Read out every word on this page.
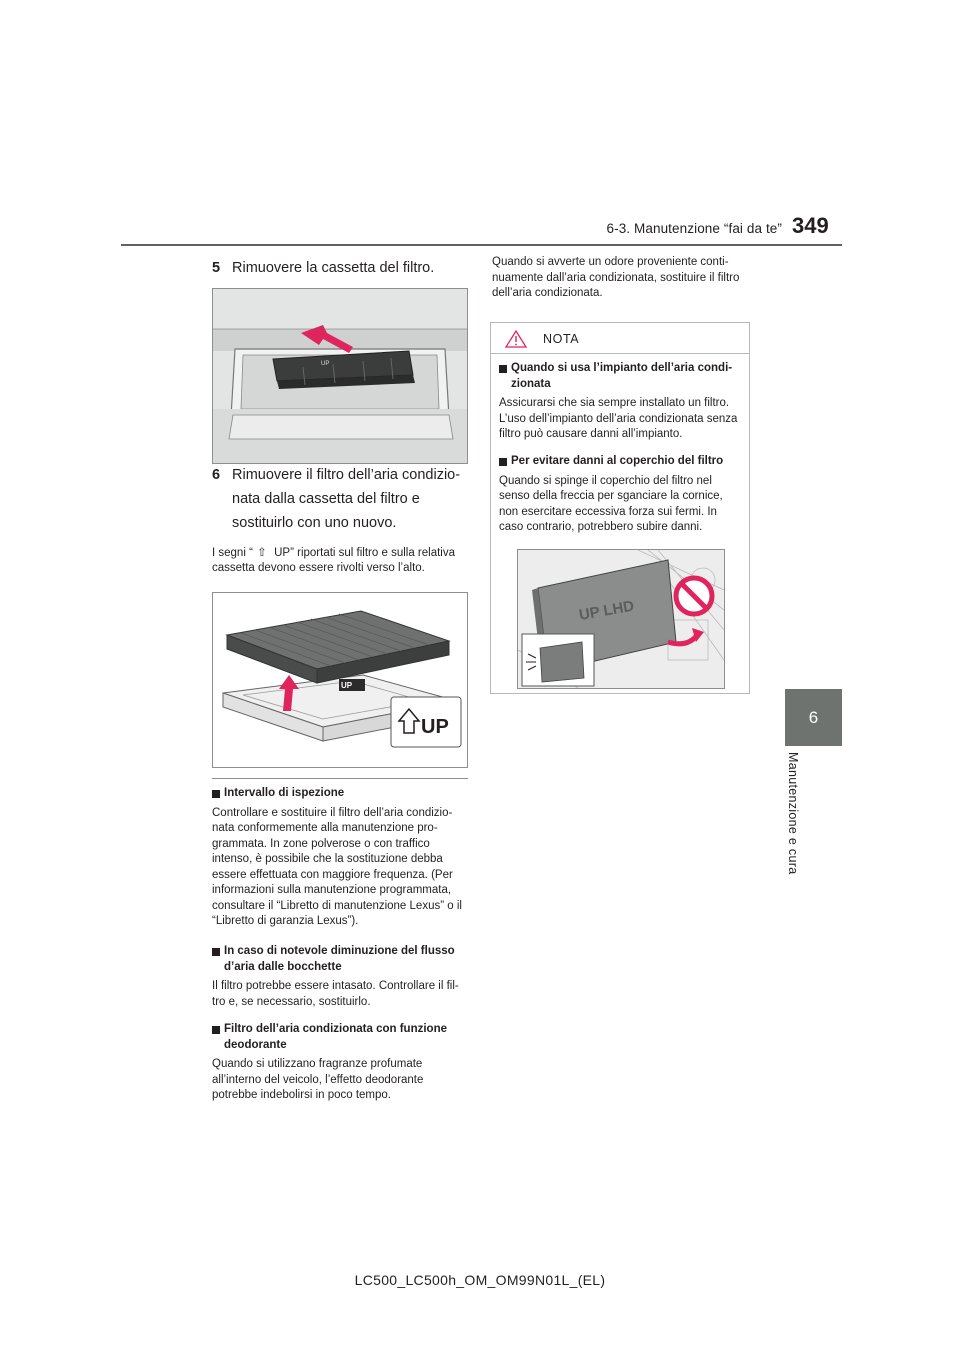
6-3. Manutenzione “fai da te” 349
6
Manutenzione e cura
5 Rimuovere la cassetta del filtro.
UP
6 Rimuovere il filtro dell’aria condizio-nata dalla cassetta del filtro e sostituirlo con uno nuovo.
I segni “ ⇧ UP” riportati sul filtro e sulla relativa cassetta devono essere rivolti verso l’alto.
UP
UP
Intervallo di ispezione
Controllare e sostituire il filtro dell’aria condizio-nata conformemente alla manutenzione pro-grammata. In zone polverose o con traffico intenso, è possibile che la sostituzione debba essere effettuata con maggiore frequenza. (Per informazioni sulla manutenzione programmata, consultare il “Libretto di manutenzione Lexus” o il “Libretto di garanzia Lexus”).
In caso di notevole diminuzione del flusso d’aria dalle bocchette
Il filtro potrebbe essere intasato. Controllare il fil-tro e, se necessario, sostituirlo.
Filtro dell’aria condizionata con funzione deodorante
Quando si utilizzano fragranze profumate all’interno del veicolo, l’effetto deodorante potrebbe indebolirsi in poco tempo.
Quando si avverte un odore proveniente conti-nuamente dall’aria condizionata, sostituire il filtro dell’aria condizionata.
NOTA
Quando si usa l’impianto dell’aria condi-zionata
Assicurarsi che sia sempre installato un filtro. L’uso dell’impianto dell’aria condizionata senza filtro può causare danni all’impianto.
Per evitare danni al coperchio del filtro
Quando si spinge il coperchio del filtro nel senso della freccia per sganciare la cornice, non esercitare eccessiva forza sui fermi. In caso contrario, potrebbero subire danni.
UP LHD
LC500_LC500h_OM_OM99N01L_(EL)
